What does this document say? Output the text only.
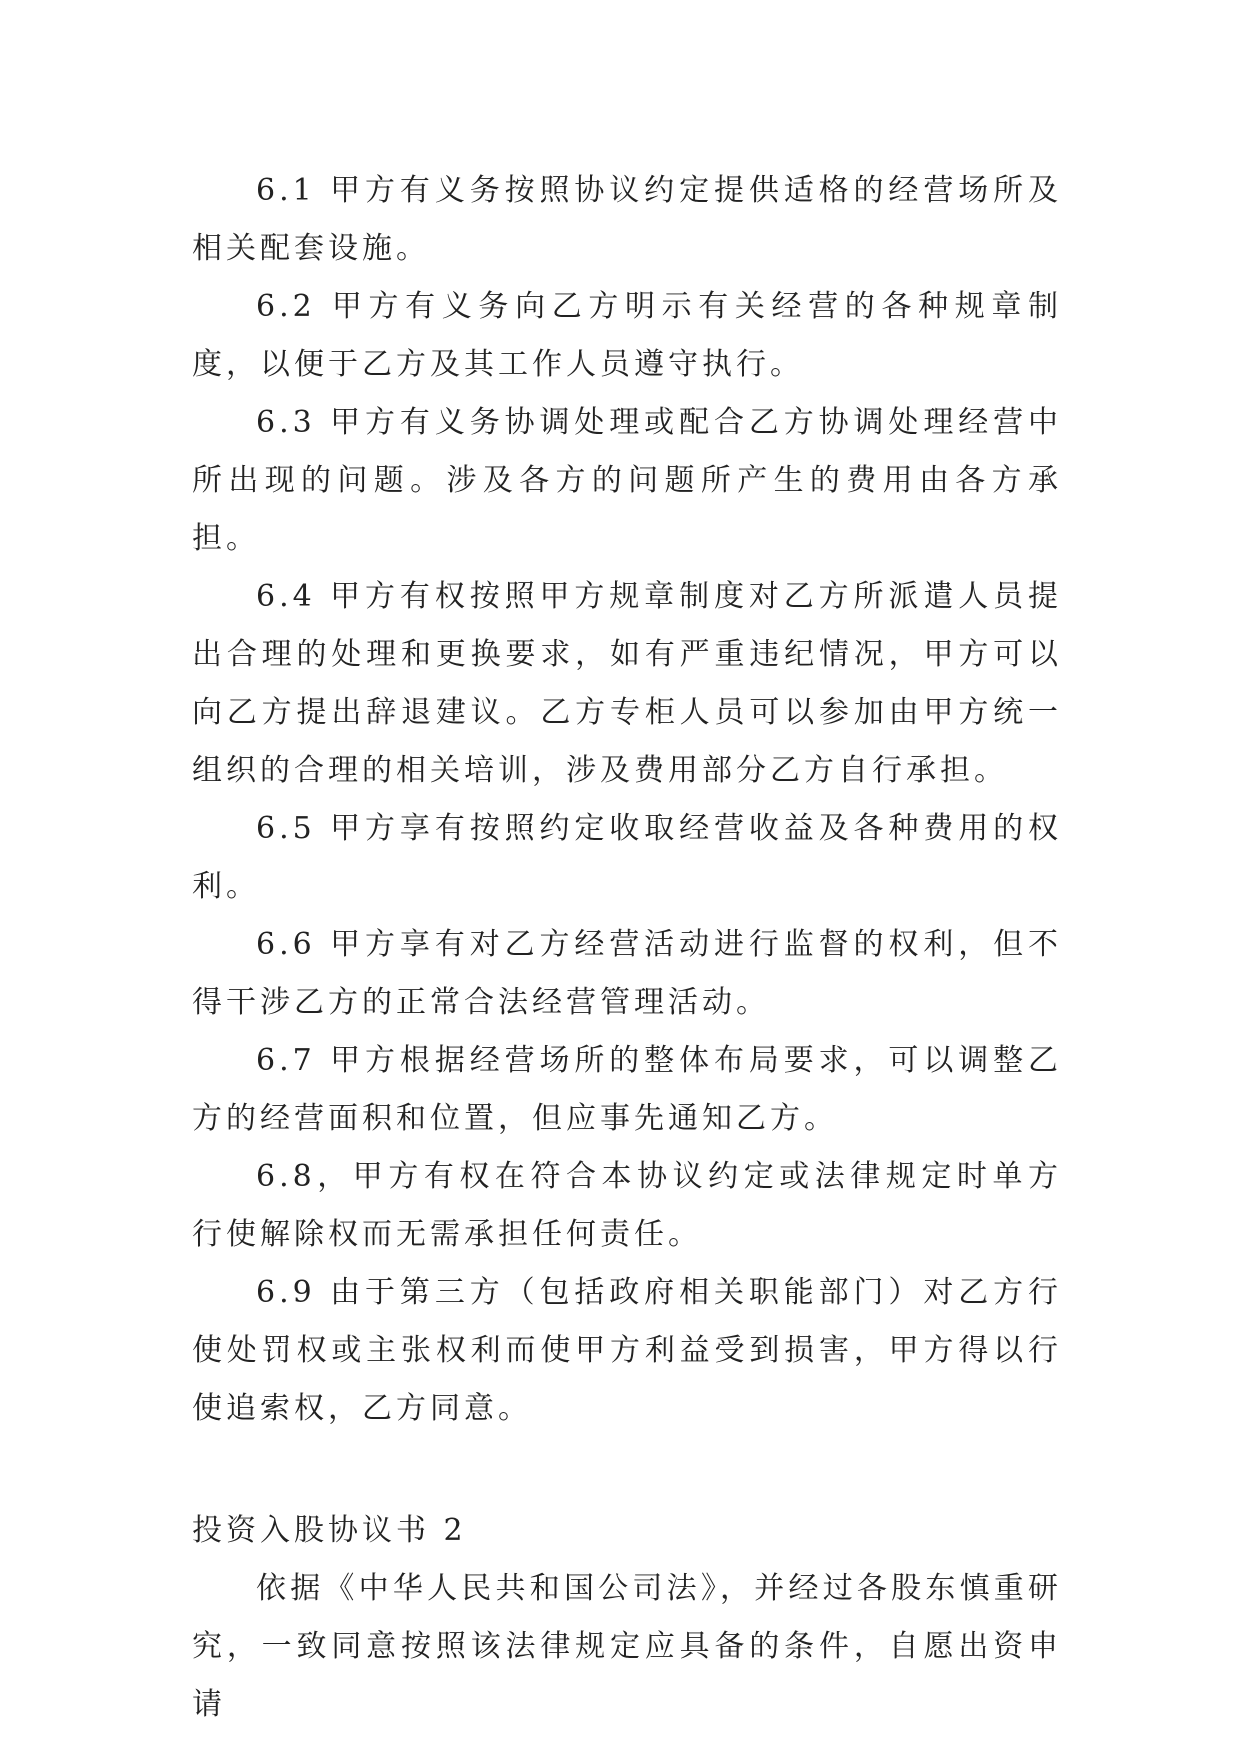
6.1 甲方有义务按照协议约定提供适格的经营场所及相关配套设施。

6.2 甲方有义务向乙方明示有关经营的各种规章制度，以便于乙方及其工作人员遵守执行。

6.3 甲方有义务协调处理或配合乙方协调处理经营中所出现的问题。涉及各方的问题所产生的费用由各方承担。

6.4 甲方有权按照甲方规章制度对乙方所派遣人员提出合理的处理和更换要求，如有严重违纪情况，甲方可以向乙方提出辞退建议。乙方专柜人员可以参加由甲方统一组织的合理的相关培训，涉及费用部分乙方自行承担。

6.5 甲方享有按照约定收取经营收益及各种费用的权利。

6.6 甲方享有对乙方经营活动进行监督的权利，但不得干涉乙方的正常合法经营管理活动。

6.7 甲方根据经营场所的整体布局要求，可以调整乙方的经营面积和位置，但应事先通知乙方。

6.8，甲方有权在符合本协议约定或法律规定时单方行使解除权而无需承担任何责任。

6.9 由于第三方（包括政府相关职能部门）对乙方行使处罚权或主张权利而使甲方利益受到损害，甲方得以行使追索权，乙方同意。

投资入股协议书 2

依据《中华人民共和国公司法》，并经过各股东慎重研究，一致同意按照该法律规定应具备的条件，自愿出资申请
